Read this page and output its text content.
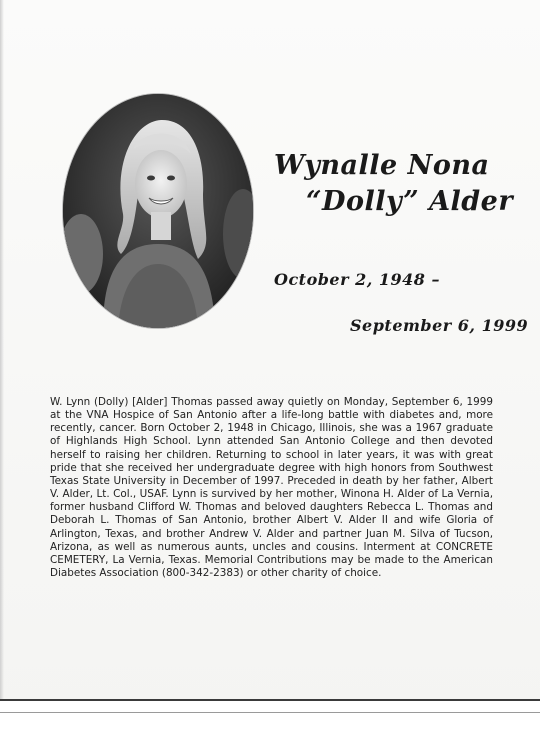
Wynalle Nona
“Dolly” Alder
October 2, 1948 –
September 6, 1999

W. Lynn (Dolly) [Alder] Thomas passed away quietly on Monday, September 6, 1999 at the VNA Hospice of San Antonio after a life-long battle with diabetes and, more recently, cancer. Born October 2, 1948 in Chicago, Illinois, she was a 1967 graduate of Highlands High School. Lynn attended San Antonio College and then devoted herself to raising her children. Returning to school in later years, it was with great pride that she received her undergraduate degree with high honors from Southwest Texas State University in December of 1997. Preceded in death by her father, Albert V. Alder, Lt. Col., USAF. Lynn is survived by her mother, Winona H. Alder of La Vernia, former husband Clifford W. Thomas and beloved daughters Rebecca L. Thomas and Deborah L. Thomas of San Antonio, brother Albert V. Alder II and wife Gloria of Arlington, Texas, and brother Andrew V. Alder and partner Juan M. Silva of Tucson, Arizona, as well as numerous aunts, uncles and cousins. Interment at CONCRETE CEMETERY, La Vernia, Texas. Memorial Contributions may be made to the American Diabetes Association (800-342-2383) or other charity of choice.
